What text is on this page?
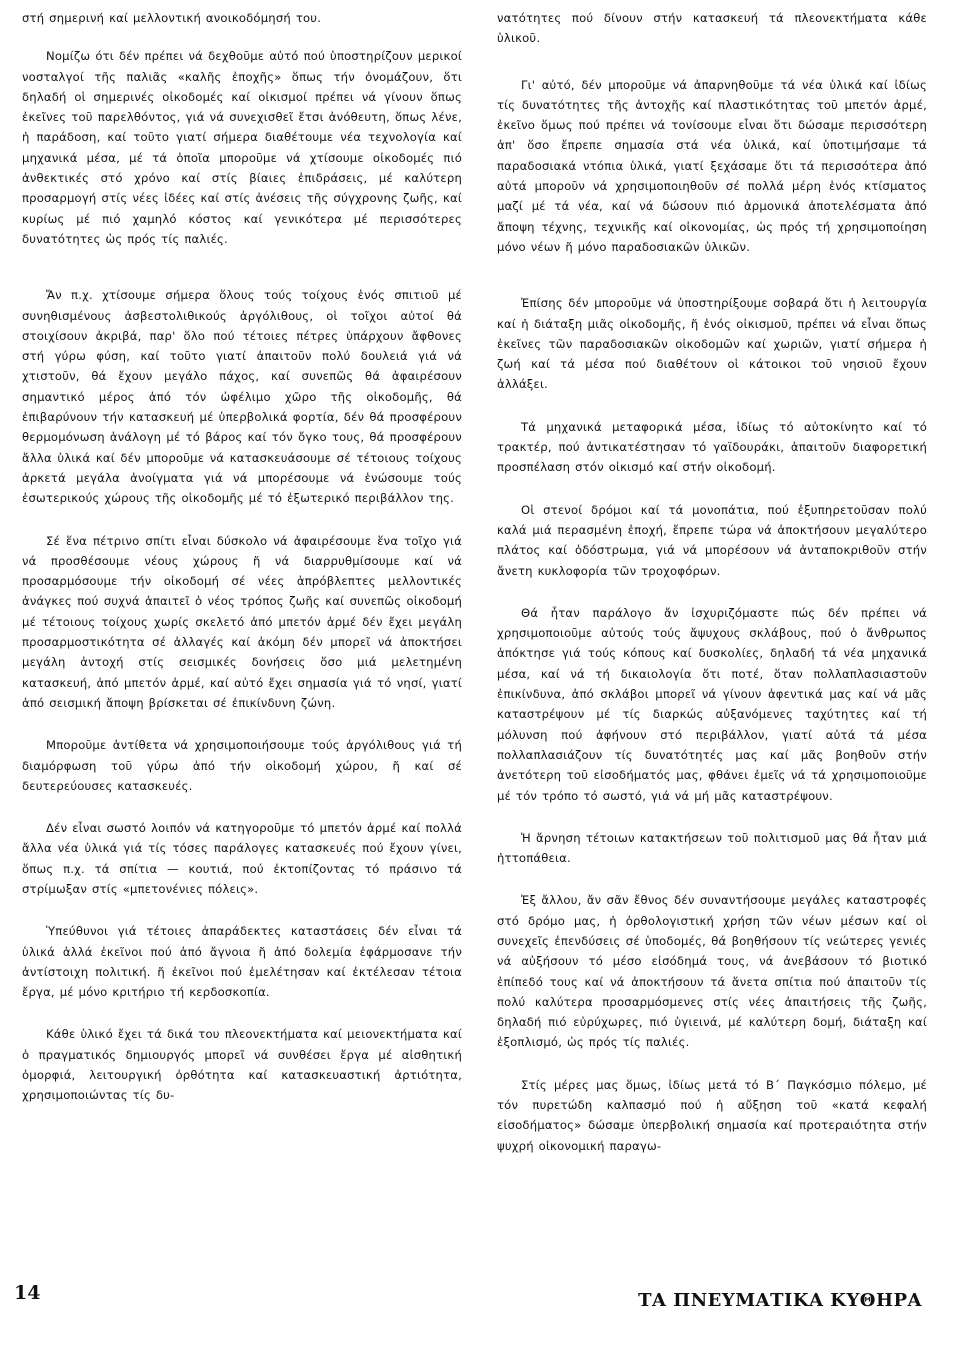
στή σημερινή καί μελλοντική ανοικοδόμησή του.

Νομίζω ότι δέν πρέπει νά δεχθοῦμε αὐτό πού ὑποστηρίζουν μερικοί νοσταλγοί τῆς παλιᾶς «καλῆς ἐποχῆς» ὅπως τήν ὀνομάζουν, ὅτι δηλαδή οἱ σημερινές οἰκοδομές καί οἰκισμοί πρέπει νά γίνουν ὅπως ἐκεῖνες τοῦ παρελθόντος, γιά νά συνεχισθεῖ ἔτσι ἀνόθευτη, ὅπως λένε, ἡ παράδοση, καί τοῦτο γιατί σήμερα διαθέτουμε νέα τεχνολογία καί μηχανικά μέσα, μέ τά ὁποῖα μποροῦμε νά χτίσουμε οἰκοδομές πιό ἀνθεκτικές στό χρόνο καί στίς βίαιες ἐπιδράσεις, μέ καλύτερη προσαρμογή στίς νέες ἰδέες καί στίς ἀνέσεις τῆς σύγχρονης ζωῆς, καί κυρίως μέ πιό χαμηλό κόστος καί γενικότερα μέ περισσότερες δυνατότητες ὡς πρός τίς παλιές.

Ἄν π.χ. χτίσουμε σήμερα ὅλους τούς τοίχους ἑνός σπιτιοῦ μέ συνηθισμένους ἀσβεστολιθικούς ἀργόλιθους, οἱ τοῖχοι αὐτοί θά στοιχίσουν ἀκριβά, παρ' ὅλο πού τέτοιες πέτρες ὑπάρχουν ἄφθονες στή γύρω φύση, καί τοῦτο γιατί ἀπαιτοῦν πολύ δουλειά γιά νά χτιστοῦν, θά ἔχουν μεγάλο πάχος, καί συνεπῶς θά ἀφαιρέσουν σημαντικό μέρος ἀπό τόν ὠφέλιμο χῶρο τῆς οἰκοδομῆς, θά ἐπιβαρύνουν τήν κατασκευή μέ ὑπερβολικά φορτία, δέν θά προσφέρουν θερμομόνωση ἀνάλογη μέ τό βάρος καί τόν ὄγκο τους, θά προσφέρουν ἄλλα ὑλικά καί δέν μποροῦμε νά κατασκευάσουμε σέ τέτοιους τοίχους ἀρκετά μεγάλα ἀνοίγματα γιά νά μπορέσουμε νά ἑνώσουμε τούς ἐσωτερικούς χώρους τῆς οἰκοδομῆς μέ τό ἐξωτερικό περιβάλλον της.

Σέ ἕνα πέτρινο σπίτι εἶναι δύσκολο νά ἀφαιρέσουμε ἕνα τοῖχο γιά νά προσθέσουμε νέους χώρους ἤ νά διαρρυθμίσουμε καί νά προσαρμόσουμε τήν οἰκοδομή σέ νέες ἀπρόβλεπτες μελλοντικές ἀνάγκες πού συχνά ἀπαιτεῖ ὁ νέος τρόπος ζωῆς καί συνεπῶς οἰκοδομή μέ τέτοιους τοίχους χωρίς σκελετό ἀπό μπετόν ἀρμέ δέν ἔχει μεγάλη προσαρμοστικότητα σέ ἀλλαγές καί ἀκόμη δέν μπορεῖ νά ἀποκτήσει μεγάλη ἀντοχή στίς σεισμικές δονήσεις ὅσο μιά μελετημένη κατασκευή, ἀπό μπετόν ἀρμέ, καί αὐτό ἔχει σημασία γιά τό νησί, γιατί ἀπό σεισμική ἄποψη βρίσκεται σέ ἐπικίνδυνη ζώνη.

Μποροῦμε ἀντίθετα νά χρησιμοποιήσουμε τούς ἀργόλιθους γιά τή διαμόρφωση τοῦ γύρω ἀπό τήν οἰκοδομή χώρου, ἤ καί σέ δευτερεύουσες κατασκευές.

Δέν εἶναι σωστό λοιπόν νά κατηγοροῦμε τό μπετόν ἀρμέ καί πολλά ἄλλα νέα ὑλικά γιά τίς τόσες παράλογες κατασκευές πού ἔχουν γίνει, ὅπως π.χ. τά σπίτια — κουτιά, πού ἐκτοπίζοντας τό πράσινο τά στρίμωξαν στίς «μπετονένιες πόλεις».

Ὑπεύθυνοι γιά τέτοιες ἀπαράδεκτες καταστάσεις δέν εἶναι τά ὑλικά ἀλλά ἐκεῖνοι πού ἀπό ἄγνοια ἤ ἀπό δολεμία ἐφάρμοσανε τήν ἀντίστοιχη πολιτική. ἤ ἐκεῖνοι πού ἐμελέτησαν καί ἐκτέλεσαν τέτοια ἔργα, μέ μόνο κριτήριο τή κερδοσκοπία.

Κάθε ὑλικό ἔχει τά δικά του πλεονεκτήματα καί μειονεκτήματα καί ὁ πραγματικός δημιουργός μπορεῖ νά συνθέσει ἔργα μέ αἰσθητική ὀμορφιά, λειτουργική ὀρθότητα καί κατασκευαστική ἀρτιότητα, χρησιμοποιώντας τίς δυ-

νατότητες πού δίνουν στήν κατασκευή τά πλεονεκτήματα κάθε ὑλικοῦ.

Γι' αὐτό, δέν μποροῦμε νά ἀπαρνηθοῦμε τά νέα ὑλικά καί ἰδίως τίς δυνατότητες τῆς ἀντοχῆς καί πλαστικότητας τοῦ μπετόν ἀρμέ, ἐκεῖνο ὅμως πού πρέπει νά τονίσουμε εἶναι ὅτι δώσαμε περισσότερη ἀπ' ὅσο ἔπρεπε σημασία στά νέα ὑλικά, καί ὑποτιμήσαμε τά παραδοσιακά ντόπια ὑλικά, γιατί ξεχάσαμε ὅτι τά περισσότερα ἀπό αὐτά μποροῦν νά χρησιμοποιηθοῦν σέ πολλά μέρη ἑνός κτίσματος μαζί μέ τά νέα, καί νά δώσουν πιό ἁρμονικά ἀποτελέσματα ἀπό ἄποψη τέχνης, τεχνικῆς καί οἰκονομίας, ὡς πρός τή χρησιμοποίηση μόνο νέων ἤ μόνο παραδοσιακῶν ὑλικῶν.

Ἐπίσης δέν μποροῦμε νά ὑποστηρίξουμε σοβαρά ὅτι ἡ λειτουργία καί ἡ διάταξη μιᾶς οἰκοδομῆς, ἤ ἑνός οἰκισμοῦ, πρέπει νά εἶναι ὅπως ἐκεῖνες τῶν παραδοσιακῶν οἰκοδομῶν καί χωριῶν, γιατί σήμερα ἡ ζωή καί τά μέσα πού διαθέτουν οἱ κάτοικοι τοῦ νησιοῦ ἔχουν ἀλλάξει.

Τά μηχανικά μεταφορικά μέσα, ἰδίως τό αὐτοκίνητο καί τό τρακτέρ, πού ἀντικατέστησαν τό γαϊδουράκι, ἀπαιτοῦν διαφορετική προσπέλαση στόν οἰκισμό καί στήν οἰκοδομή.

Οἱ στενοί δρόμοι καί τά μονοπάτια, πού ἐξυπηρετοῦσαν πολύ καλά μιά περασμένη ἐποχή, ἔπρεπε τώρα νά ἀποκτήσουν μεγαλύτερο πλάτος καί ὁδόστρωμα, γιά νά μπορέσουν νά ἀνταποκριθοῦν στήν ἄνετη κυκλοφορία τῶν τροχοφόρων.

Θά ἦταν παράλογο ἄν ἰσχυριζόμαστε πώς δέν πρέπει νά χρησιμοποιοῦμε αὐτούς τούς ἄψυχους σκλάβους, πού ὁ ἄνθρωπος ἀπόκτησε γιά τούς κόπους καί δυσκολίες, δηλαδή τά νέα μηχανικά μέσα, καί νά τή δικαιολογία ὅτι ποτέ, ὅταν πολλαπλασιαστοῦν ἐπικίνδυνα, ἀπό σκλάβοι μπορεῖ νά γίνουν ἀφεντικά μας καί νά μᾶς καταστρέψουν μέ τίς διαρκώς αὐξανόμενες ταχύτητες καί τή μόλυνση πού ἀφήνουν στό περιβάλλον, γιατί αὐτά τά μέσα πολλαπλασιάζουν τίς δυνατότητές μας καί μᾶς βοηθοῦν στήν ἀνετότερη τοῦ εἰσοδήματός μας, φθάνει ἐμεῖς νά τά χρησιμοποιοῦμε μέ τόν τρόπο τό σωστό, γιά νά μή μᾶς καταστρέψουν.

Ἡ ἄρνηση τέτοιων κατακτήσεων τοῦ πολιτισμοῦ μας θά ἦταν μιά ἡττοπάθεια.

Ἐξ ἄλλου, ἄν σᾶν ἔθνος δέν συναντήσουμε μεγάλες καταστροφές στό δρόμο μας, ἡ ὀρθολογιστική χρήση τῶν νέων μέσων καί οἱ συνεχεῖς ἐπενδύσεις σέ ὑποδομές, θά βοηθήσουν τίς νεώτερες γενιές νά αὐξήσουν τό μέσο εἰσόδημά τους, νά ἀνεβάσουν τό βιοτικό ἐπίπεδό τους καί νά ἀποκτήσουν τά ἄνετα σπίτια πού ἀπαιτοῦν τίς πολύ καλύτερα προσαρμόσμενες στίς νέες ἀπαιτήσεις τῆς ζωῆς, δηλαδή πιό εὐρύχωρες, πιό ὑγιεινά, μέ καλύτερη δομή, διάταξη καί ἐξοπλισμό, ὡς πρός τίς παλιές.

Στίς μέρες μας ὅμως, ἰδίως μετά τό Β΄ Παγκόσμιο πόλεμο, μέ τόν πυρετώδη καλπασμό πού ἡ αὔξηση τοῦ «κατά κεφαλή εἰσοδήματος» δώσαμε ὑπερβολική σημασία καί προτεραιότητα στήν ψυχρή οἰκονομική παραγω-

14	ΤΑ ΠΝΕΥΜΑΤΙΚΑ ΚΥΘΗΡΑ
